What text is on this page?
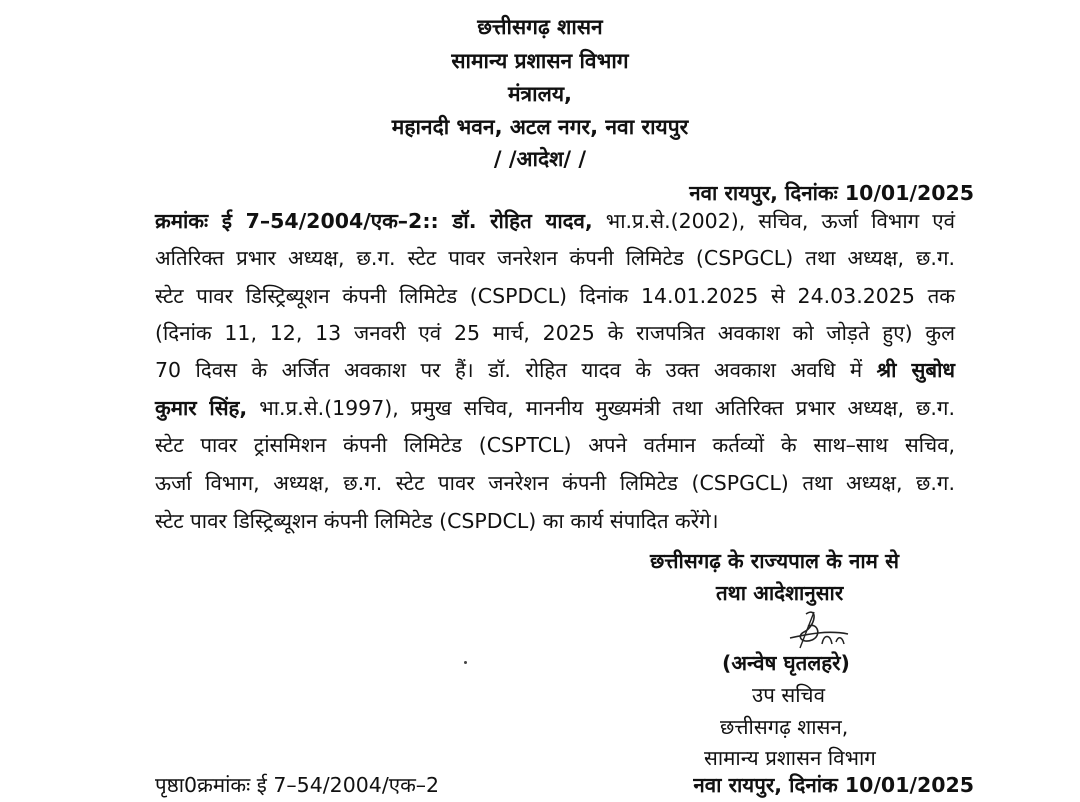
छत्तीसगढ़ शासन
सामान्य प्रशासन विभाग
मंत्रालय,
महानदी भवन, अटल नगर, नवा रायपुर
/ /आदेश/ /
नवा रायपुर, दिनांकः 10/01/2025
क्रमांकः ई 7–54/2004/एक–2:: डॉ. रोहित यादव, भा.प्र.से.(2002), सचिव, ऊर्जा विभाग एवं
अतिरिक्त प्रभार अध्यक्ष, छ.ग. स्टेट पावर जनरेशन कंपनी लिमिटेड (CSPGCL) तथा अध्यक्ष, छ.ग.
स्टेट पावर डिस्ट्रिब्यूशन कंपनी लिमिटेड (CSPDCL) दिनांक 14.01.2025 से 24.03.2025 तक
(दिनांक 11, 12, 13 जनवरी एवं 25 मार्च, 2025 के राजपत्रित अवकाश को जोड़ते हुए) कुल
70 दिवस के अर्जित अवकाश पर हैं। डॉ. रोहित यादव के उक्त अवकाश अवधि में श्री सुबोध
कुमार सिंह, भा.प्र.से.(1997), प्रमुख सचिव, माननीय मुख्यमंत्री तथा अतिरिक्त प्रभार अध्यक्ष, छ.ग.
स्टेट पावर ट्रांसमिशन कंपनी लिमिटेड (CSPTCL) अपने वर्तमान कर्तव्यों के साथ–साथ सचिव,
ऊर्जा विभाग, अध्यक्ष, छ.ग. स्टेट पावर जनरेशन कंपनी लिमिटेड (CSPGCL) तथा अध्यक्ष, छ.ग.
स्टेट पावर डिस्ट्रिब्यूशन कंपनी लिमिटेड (CSPDCL) का कार्य संपादित करेंगे।
छत्तीसगढ़ के राज्यपाल के नाम से
तथा आदेशानुसार
(अन्वेष घृतलहरे)
उप सचिव
छत्तीसगढ़ शासन,
सामान्य प्रशासन विभाग
पृष्ठा0क्रमांकः ई 7–54/2004/एक–2	नवा रायपुर, दिनांक 10/01/2025
